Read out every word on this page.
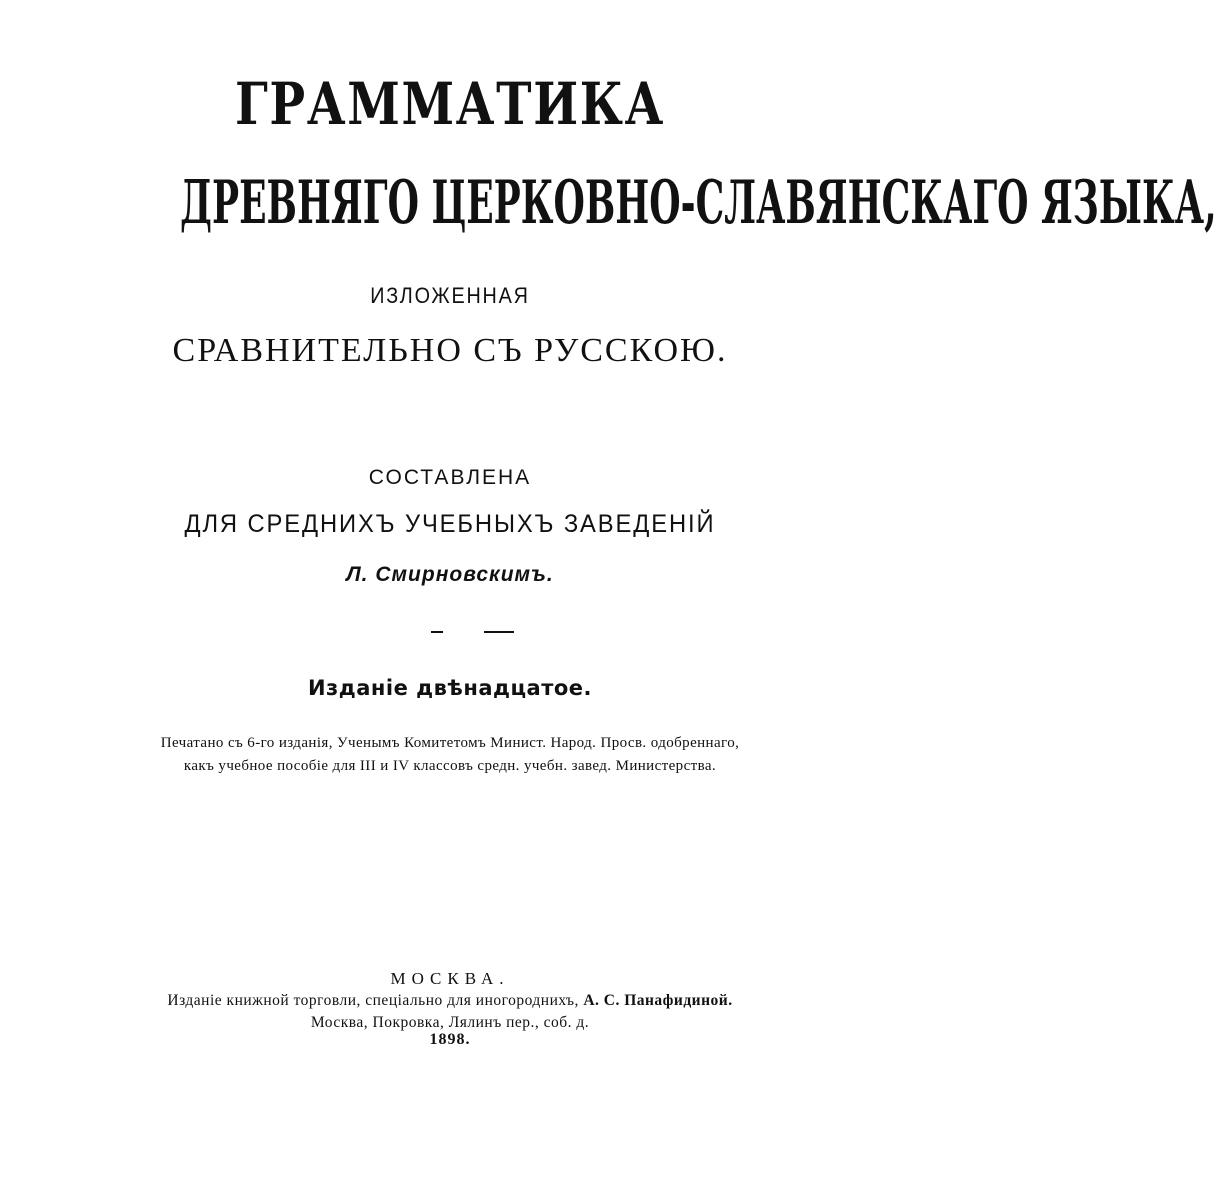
ГРАММАТИКА
ДРЕВНЯГО ЦЕРКОВНО-СЛАВЯНСКАГО ЯЗЫКА,
ИЗЛОЖЕННАЯ
СРАВНИТЕЛЬНО СЪ РУССКОЮ.
СОСТАВЛЕНА
ДЛЯ СРЕДНИХЪ УЧЕБНЫХЪ ЗАВЕДЕНІЙ
Л. Смирновскимъ.
Изданіе двѣнадцатое.
Печатано съ 6-го изданія, Ученымъ Комитетомъ Минист. Народ. Просв. одобреннаго,
какъ учебное пособіе для III и IV классовъ средн. учебн. завед. Министерства.
МОСКВА.
Изданіе книжной торговли, спеціально для иногороднихъ, А. С. Панафидиной.
Москва, Покровка, Лялинъ пер., соб. д.
1898.
